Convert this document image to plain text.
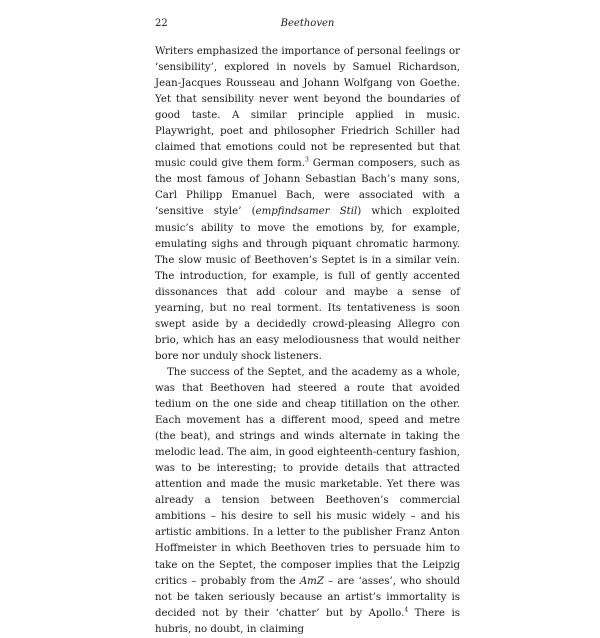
22	Beethoven

Writers emphasized the importance of personal feelings or ‘sensibility’, explored in novels by Samuel Richardson, Jean-Jacques Rousseau and Johann Wolfgang von Goethe. Yet that sensibility never went beyond the boundaries of good taste. A similar principle applied in music. Playwright, poet and philosopher Friedrich Schiller had claimed that emotions could not be represented but that music could give them form.$^3$ German composers, such as the most famous of Johann Sebastian Bach’s many sons, Carl Philipp Emanuel Bach, were associated with a ‘sensitive style’ (empfindsamer Stil) which exploited music’s ability to move the emotions by, for example, emulating sighs and through piquant chromatic harmony. The slow music of Beethoven’s Septet is in a similar vein. The introduction, for example, is full of gently accented dissonances that add colour and maybe a sense of yearning, but no real torment. Its tentativeness is soon swept aside by a decidedly crowd-pleasing Allegro con brio, which has an easy melodiousness that would neither bore nor unduly shock listeners.

The success of the Septet, and the academy as a whole, was that Beethoven had steered a route that avoided tedium on the one side and cheap titillation on the other. Each movement has a different mood, speed and metre (the beat), and strings and winds alternate in taking the melodic lead. The aim, in good eighteenth-century fashion, was to be interesting; to provide details that attracted attention and made the music marketable. Yet there was already a tension between Beethoven’s commercial ambitions – his desire to sell his music widely – and his artistic ambitions. In a letter to the publisher Franz Anton Hoffmeister in which Beethoven tries to persuade him to take on the Septet, the composer implies that the Leipzig critics – probably from the AmZ – are ‘asses’, who should not be taken seriously because an artist’s immortality is decided not by their ‘chatter’ but by Apollo.$^4$ There is hubris, no doubt, in claiming
